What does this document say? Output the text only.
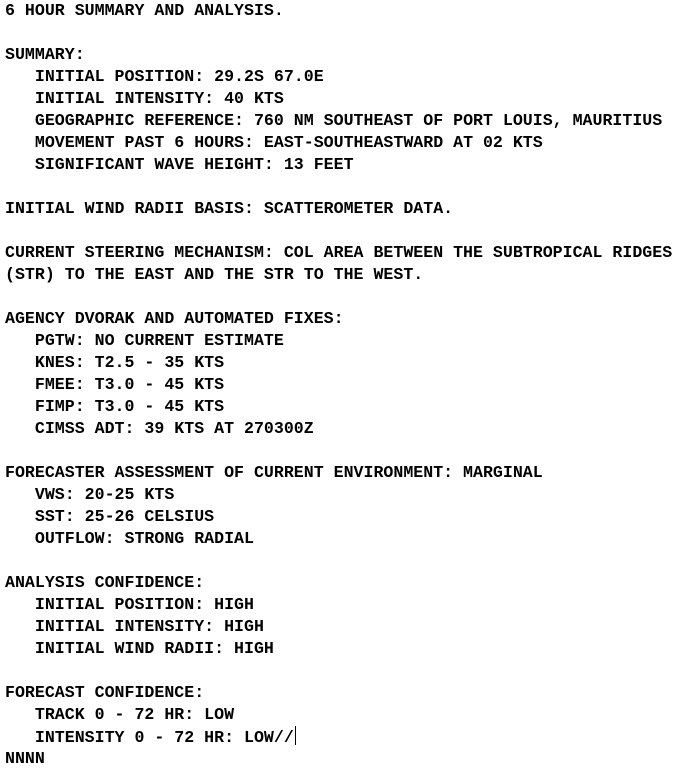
6 HOUR SUMMARY AND ANALYSIS.
SUMMARY:
INITIAL POSITION: 29.2S 67.0E
INITIAL INTENSITY: 40 KTS
GEOGRAPHIC REFERENCE: 760 NM SOUTHEAST OF PORT LOUIS, MAURITIUS
MOVEMENT PAST 6 HOURS: EAST-SOUTHEASTWARD AT 02 KTS
SIGNIFICANT WAVE HEIGHT: 13 FEET
INITIAL WIND RADII BASIS: SCATTEROMETER DATA.
CURRENT STEERING MECHANISM: COL AREA BETWEEN THE SUBTROPICAL RIDGES
(STR) TO THE EAST AND THE STR TO THE WEST.
AGENCY DVORAK AND AUTOMATED FIXES:
PGTW: NO CURRENT ESTIMATE
KNES: T2.5 - 35 KTS
FMEE: T3.0 - 45 KTS
FIMP: T3.0 - 45 KTS
CIMSS ADT: 39 KTS AT 270300Z
FORECASTER ASSESSMENT OF CURRENT ENVIRONMENT: MARGINAL
VWS: 20-25 KTS
SST: 25-26 CELSIUS
OUTFLOW: STRONG RADIAL
ANALYSIS CONFIDENCE:
INITIAL POSITION: HIGH
INITIAL INTENSITY: HIGH
INITIAL WIND RADII: HIGH
FORECAST CONFIDENCE:
TRACK 0 - 72 HR: LOW
INTENSITY 0 - 72 HR: LOW//
NNNN
